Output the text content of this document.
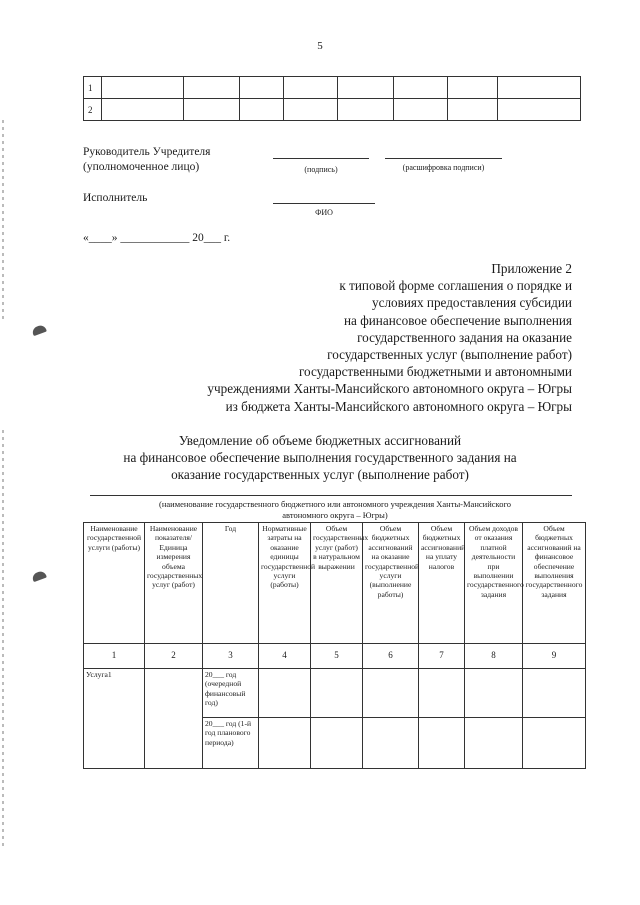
5
1								
2								
Руководитель Учредителя
(уполномоченное лицо)	(подпись)	(расшифровка подписи)
Исполнитель
ФИО
«____» ____________ 20___ г.
Приложение 2
к типовой форме соглашения о порядке и
условиях предоставления субсидии
на финансовое обеспечение выполнения
государственного задания на оказание
государственных услуг (выполнение работ)
государственными бюджетными и автономными
учреждениями Ханты-Мансийского автономного округа – Югры
из бюджета Ханты-Мансийского автономного округа – Югры
Уведомление об объеме бюджетных ассигнований
на финансовое обеспечение выполнения государственного задания на
оказание государственных услуг (выполнение работ)
(наименование государственного бюджетного или автономного учреждения Ханты-Мансийского
автономного округа – Югры)
Наименование государственной услуги (работы)	Наименование показателя/ Единица измерения объема государственных услуг (работ)	Год	Нормативные затраты на оказание единицы государственной услуги (работы)	Объем государственных услуг (работ) в натуральном выражении	Объем бюджетных ассигнований на оказание государственной услуги (выполнение работы)	Объем бюджетных ассигнований на уплату налогов	Объем доходов от оказания платной деятельности при выполнении государственного задания	Объем бюджетных ассигнований на финансовое обеспечение выполнения государственного задания
1	2	3	4	5	6	7	8	9
Услуга1		20___ год (очередной финансовый год)						
		20___ год (1-й год планового периода)						
